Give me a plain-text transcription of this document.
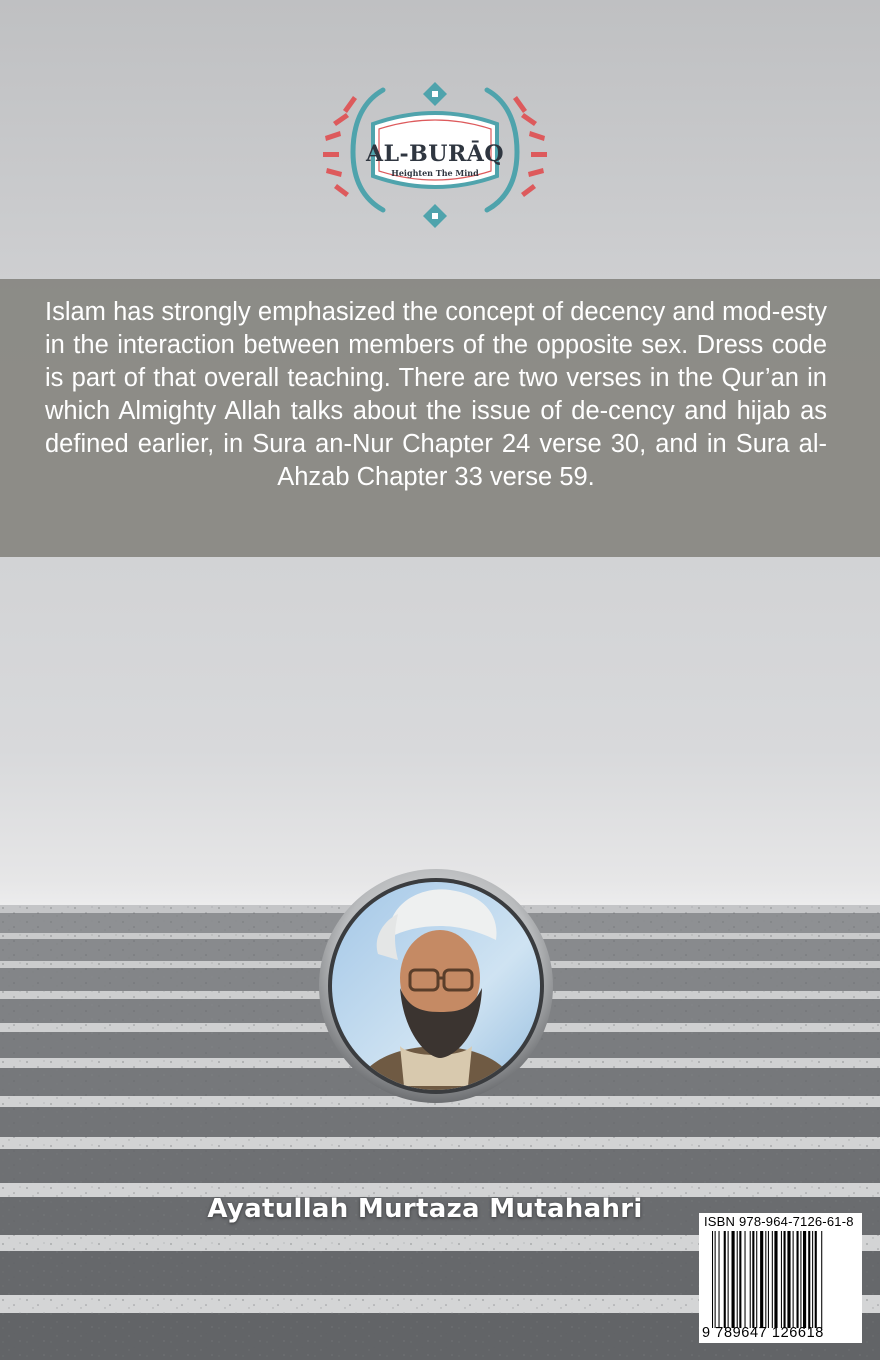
AL-BURĀQ
Heighten The Mind
Islam has strongly emphasized the concept of decency and mod-esty in the interaction between members of the opposite sex. Dress code is part of that overall teaching. There are two verses in the Qur’an in which Almighty Allah talks about the issue of de-cency and hijab as defined earlier, in Sura an-Nur Chapter 24 verse 30, and in Sura al-Ahzab Chapter 33 verse 59.
Ayatullah Murtaza Mutahahri	ISBN 978-964-7126-61-8
9 789647 126618
